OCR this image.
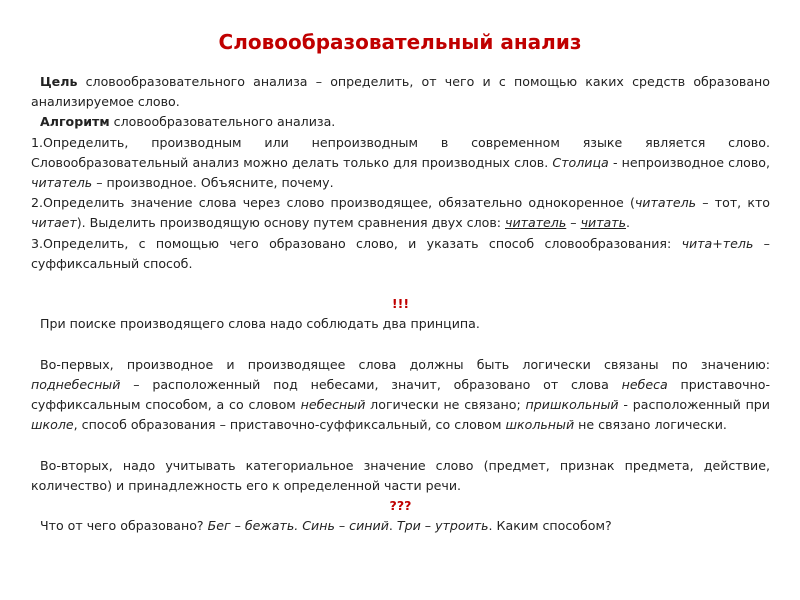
Словообразовательный анализ

Цель словообразовательного анализа – определить, от чего и с помощью каких средств образовано анализируемое слово.

Алгоритм словообразовательного анализа.

1.Определить, производным или непроизводным в современном языке является слово. Словообразовательный анализ можно делать только для производных слов. Столица - непроизводное слово, читатель – производное. Объясните, почему.

2.Определить значение слова через слово производящее, обязательно однокоренное (читатель – тот, кто читает). Выделить производящую основу путем сравнения двух слов: читатель – читать.

3.Определить, с помощью чего образовано слово, и указать способ словообразования: чита+тель – суффиксальный способ.

!!!

При поиске производящего слова надо соблюдать два принципа.

Во-первых, производное и производящее слова должны быть логически связаны по значению: поднебесный – расположенный под небесами, значит, образовано от слова небеса приставочно-суффиксальным способом, а со словом небесный логически не связано; пришкольный - расположенный при школе, способ образования – приставочно-суффиксальный, со словом школьный не связано логически.

Во-вторых, надо учитывать категориальное значение слово (предмет, признак предмета, действие, количество) и принадлежность его к определенной части речи.

???

Что от чего образовано? Бег – бежать. Синь – синий. Три – утроить. Каким способом?
